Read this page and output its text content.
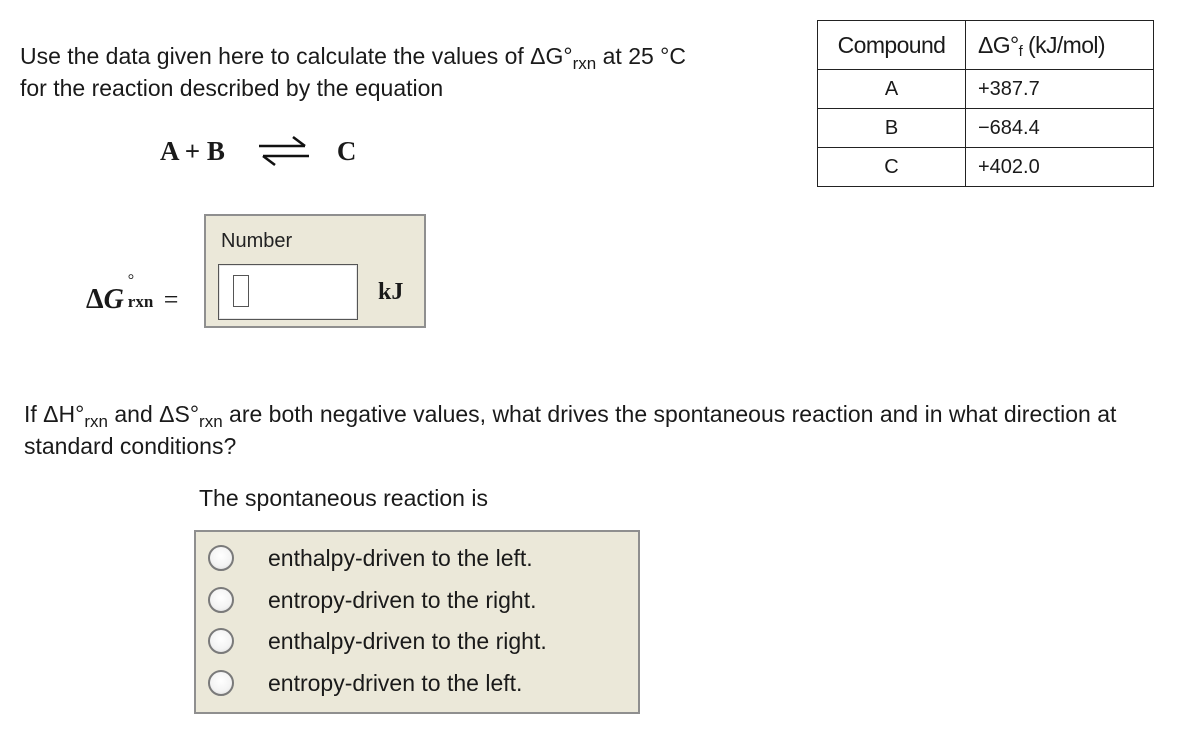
Use the data given here to calculate the values of $\Delta G^\circ_{rxn}$ at 25 °C
for the reaction described by the equation
A + B ⇌ C
Δ G
°
rxn =
Number
kJ
Compound	$\Delta G^\circ_f$ (kJ/mol)
A	+387.7
B	−684.4
C	+402.0
If $\Delta H^\circ_{rxn}$ and $\Delta S^\circ_{rxn}$ are both negative values, what drives the spontaneous reaction and in what direction at standard conditions?
The spontaneous reaction is
enthalpy-driven to the left.
entropy-driven to the right.
enthalpy-driven to the right.
entropy-driven to the left.
